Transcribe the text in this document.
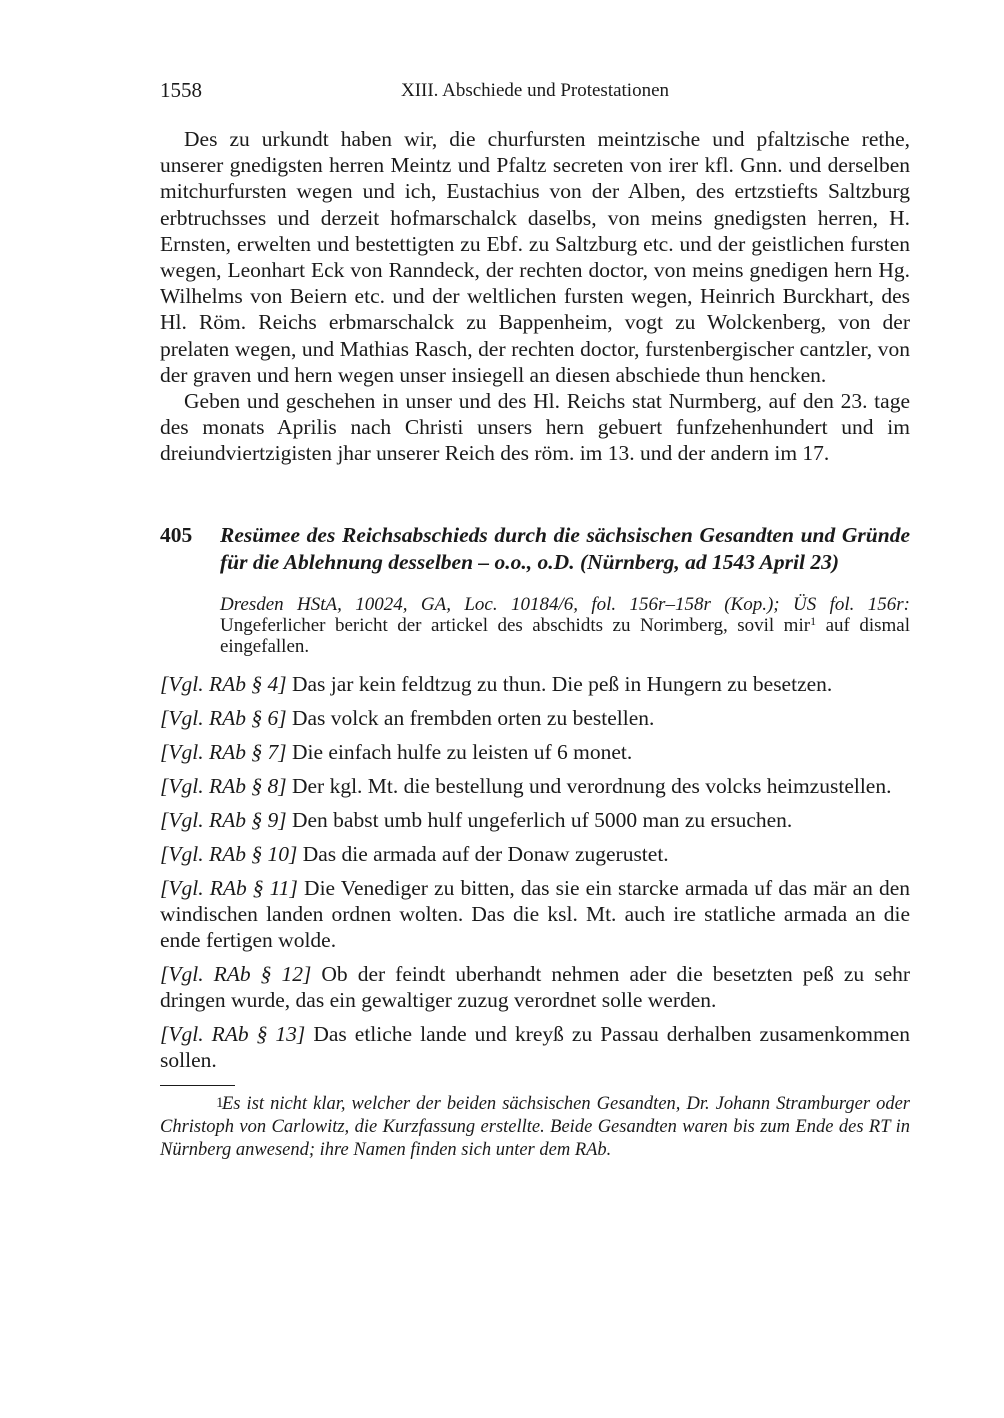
1558	XIII. Abschiede und Protestationen

Des zu urkundt haben wir, die churfursten meintzische und pfaltzische rethe, unserer gnedigsten herren Meintz und Pfaltz secreten von irer kfl. Gnn. und derselben mitchurfursten wegen und ich, Eustachius von der Alben, des ertzstiefts Saltzburg erbtruchsses und derzeit hofmarschalck daselbs, von meins gnedigsten herren, H. Ernsten, erwelten und bestettigten zu Ebf. zu Saltzburg etc. und der geistlichen fursten wegen, Leonhart Eck von Ranndeck, der rechten doctor, von meins gnedigen hern Hg. Wilhelms von Beiern etc. und der weltlichen fursten wegen, Heinrich Burckhart, des Hl. Röm. Reichs erbmarschalck zu Bappenheim, vogt zu Wolckenberg, von der prelaten wegen, und Mathias Rasch, der rechten doctor, furstenbergischer cantzler, von der graven und hern wegen unser insiegell an diesen abschiede thun hencken.

Geben und geschehen in unser und des Hl. Reichs stat Nurmberg, auf den 23. tage des monats Aprilis nach Christi unsers hern gebuert funfzehenhundert und im dreiundviertzigisten jhar unserer Reich des röm. im 13. und der andern im 17.

405	Resümee des Reichsabschieds durch die sächsischen Gesandten und Gründe für die Ablehnung desselben – o.o., o.D. (Nürnberg, ad 1543 April 23)

Dresden HStA, 10024, GA, Loc. 10184/6, fol. 156r–158r (Kop.); ÜS fol. 156r: Ungeferlicher bericht der artickel des abschidts zu Norimberg, sovil mir$^1$ auf dismal eingefallen.

[Vgl. RAb § 4] Das jar kein feldtzug zu thun. Die peß in Hungern zu besetzen.

[Vgl. RAb § 6] Das volck an frembden orten zu bestellen.

[Vgl. RAb § 7] Die einfach hulfe zu leisten uf 6 monet.

[Vgl. RAb § 8] Der kgl. Mt. die bestellung und verordnung des volcks heimzustellen.

[Vgl. RAb § 9] Den babst umb hulf ungeferlich uf 5000 man zu ersuchen.

[Vgl. RAb § 10] Das die armada auf der Donaw zugerustet.

[Vgl. RAb § 11] Die Venediger zu bitten, das sie ein starcke armada uf das mär an den windischen landen ordnen wolten. Das die ksl. Mt. auch ire statliche armada an die ende fertigen wolde.

[Vgl. RAb § 12] Ob der feindt uberhandt nehmen ader die besetzten peß zu sehr dringen wurde, das ein gewaltiger zuzug verordnet solle werden.

[Vgl. RAb § 13] Das etliche lande und kreyß zu Passau derhalben zusamenkommen sollen.

1Es ist nicht klar, welcher der beiden sächsischen Gesandten, Dr. Johann Stramburger oder Christoph von Carlowitz, die Kurzfassung erstellte. Beide Gesandten waren bis zum Ende des RT in Nürnberg anwesend; ihre Namen finden sich unter dem RAb.
